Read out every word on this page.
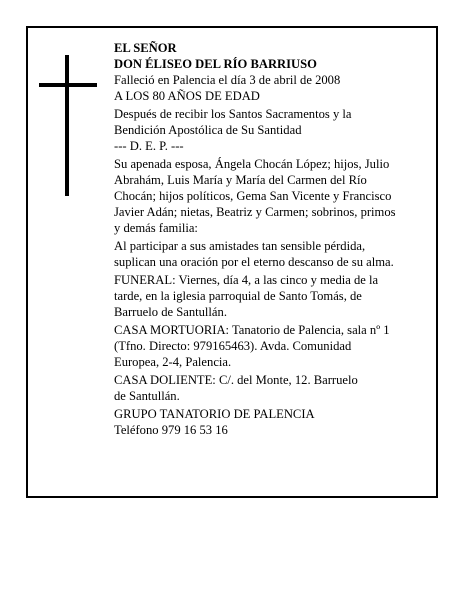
EL SEÑOR
DON ÉLISEO DEL RÍO BARRIUSO
Falleció en Palencia el día 3 de abril de 2008
A LOS 80 AÑOS DE EDAD
Después de recibir los Santos Sacramentos y la
Bendición Apostólica de Su Santidad
--- D. E. P. ---
Su apenada esposa, Ángela Chocán López; hijos, Julio
Abrahám, Luis María y María del Carmen del Río
Chocán; hijos políticos, Gema San Vicente y Francisco
Javier Adán; nietas, Beatriz y Carmen; sobrinos, primos
y demás familia:
Al participar a sus amistades tan sensible pérdida,
suplican una oración por el eterno descanso de su alma.
FUNERAL: Viernes, día 4, a las cinco y media de la
tarde, en la iglesia parroquial de Santo Tomás, de
Barruelo de Santullán.
CASA MORTUORIA: Tanatorio de Palencia, sala nº 1
(Tfno. Directo: 979165463). Avda. Comunidad
Europea, 2-4, Palencia.
CASA DOLIENTE: C/. del Monte, 12. Barruelo
de Santullán.
GRUPO TANATORIO DE PALENCIA
Teléfono 979 16 53 16
